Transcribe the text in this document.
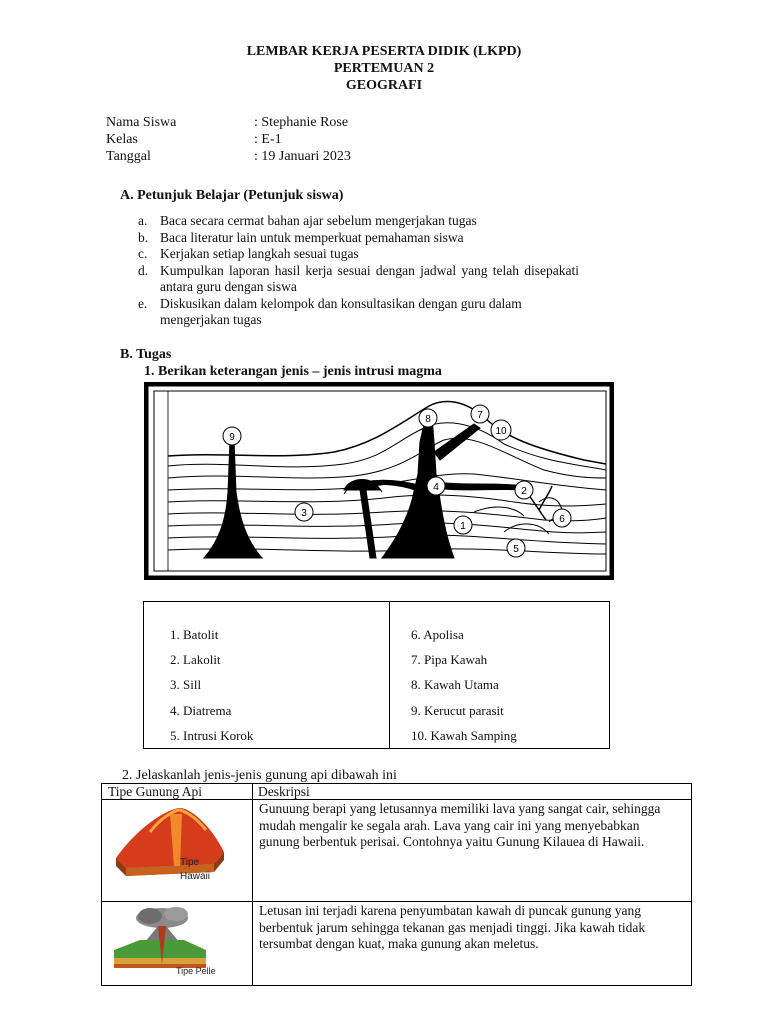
LEMBAR KERJA PESERTA DIDIK (LKPD)
PERTEMUAN 2
GEOGRAFI
Nama Siswa	: Stephanie Rose
Kelas	: E-1
Tanggal	: 19 Januari 2023
A. Petunjuk Belajar (Petunjuk siswa)
a. Baca secara cermat bahan ajar sebelum mengerjakan tugas
b. Baca literatur lain untuk memperkuat pemahaman siswa
c. Kerjakan setiap langkah sesuai tugas
d. Kumpulkan laporan hasil kerja sesuai dengan jadwal yang telah disepakati antara guru dengan siswa
e. Diskusikan dalam kelompok dan konsultasikan dengan guru dalam mengerjakan tugas
B. Tugas
1. Berikan keterangan jenis – jenis intrusi magma
9
3
8	7
10
4	2
1
6
5
1. Batolit
2. Lakolit
3. Sill
4. Diatrema
5. Intrusi Korok
6. Apolisa
7. Pipa Kawah
8. Kawah Utama
9. Kerucut parasit
10. Kawah Samping
2. Jelaskanlah jenis-jenis gunung api dibawah ini
Tipe Gunung Api	Deskripsi
Tipe
Hawaii
Gunuung berapi yang letusannya memiliki lava yang sangat cair, sehingga mudah mengalir ke segala arah. Lava yang cair ini yang menyebabkan gunung berbentuk perisai. Contohnya yaitu Gunung Kilauea di Hawaii.
Tipe Pelle
Letusan ini terjadi karena penyumbatan kawah di puncak gunung yang berbentuk jarum sehingga tekanan gas menjadi tinggi. Jika kawah tidak tersumbat dengan kuat, maka gunung akan meletus.
